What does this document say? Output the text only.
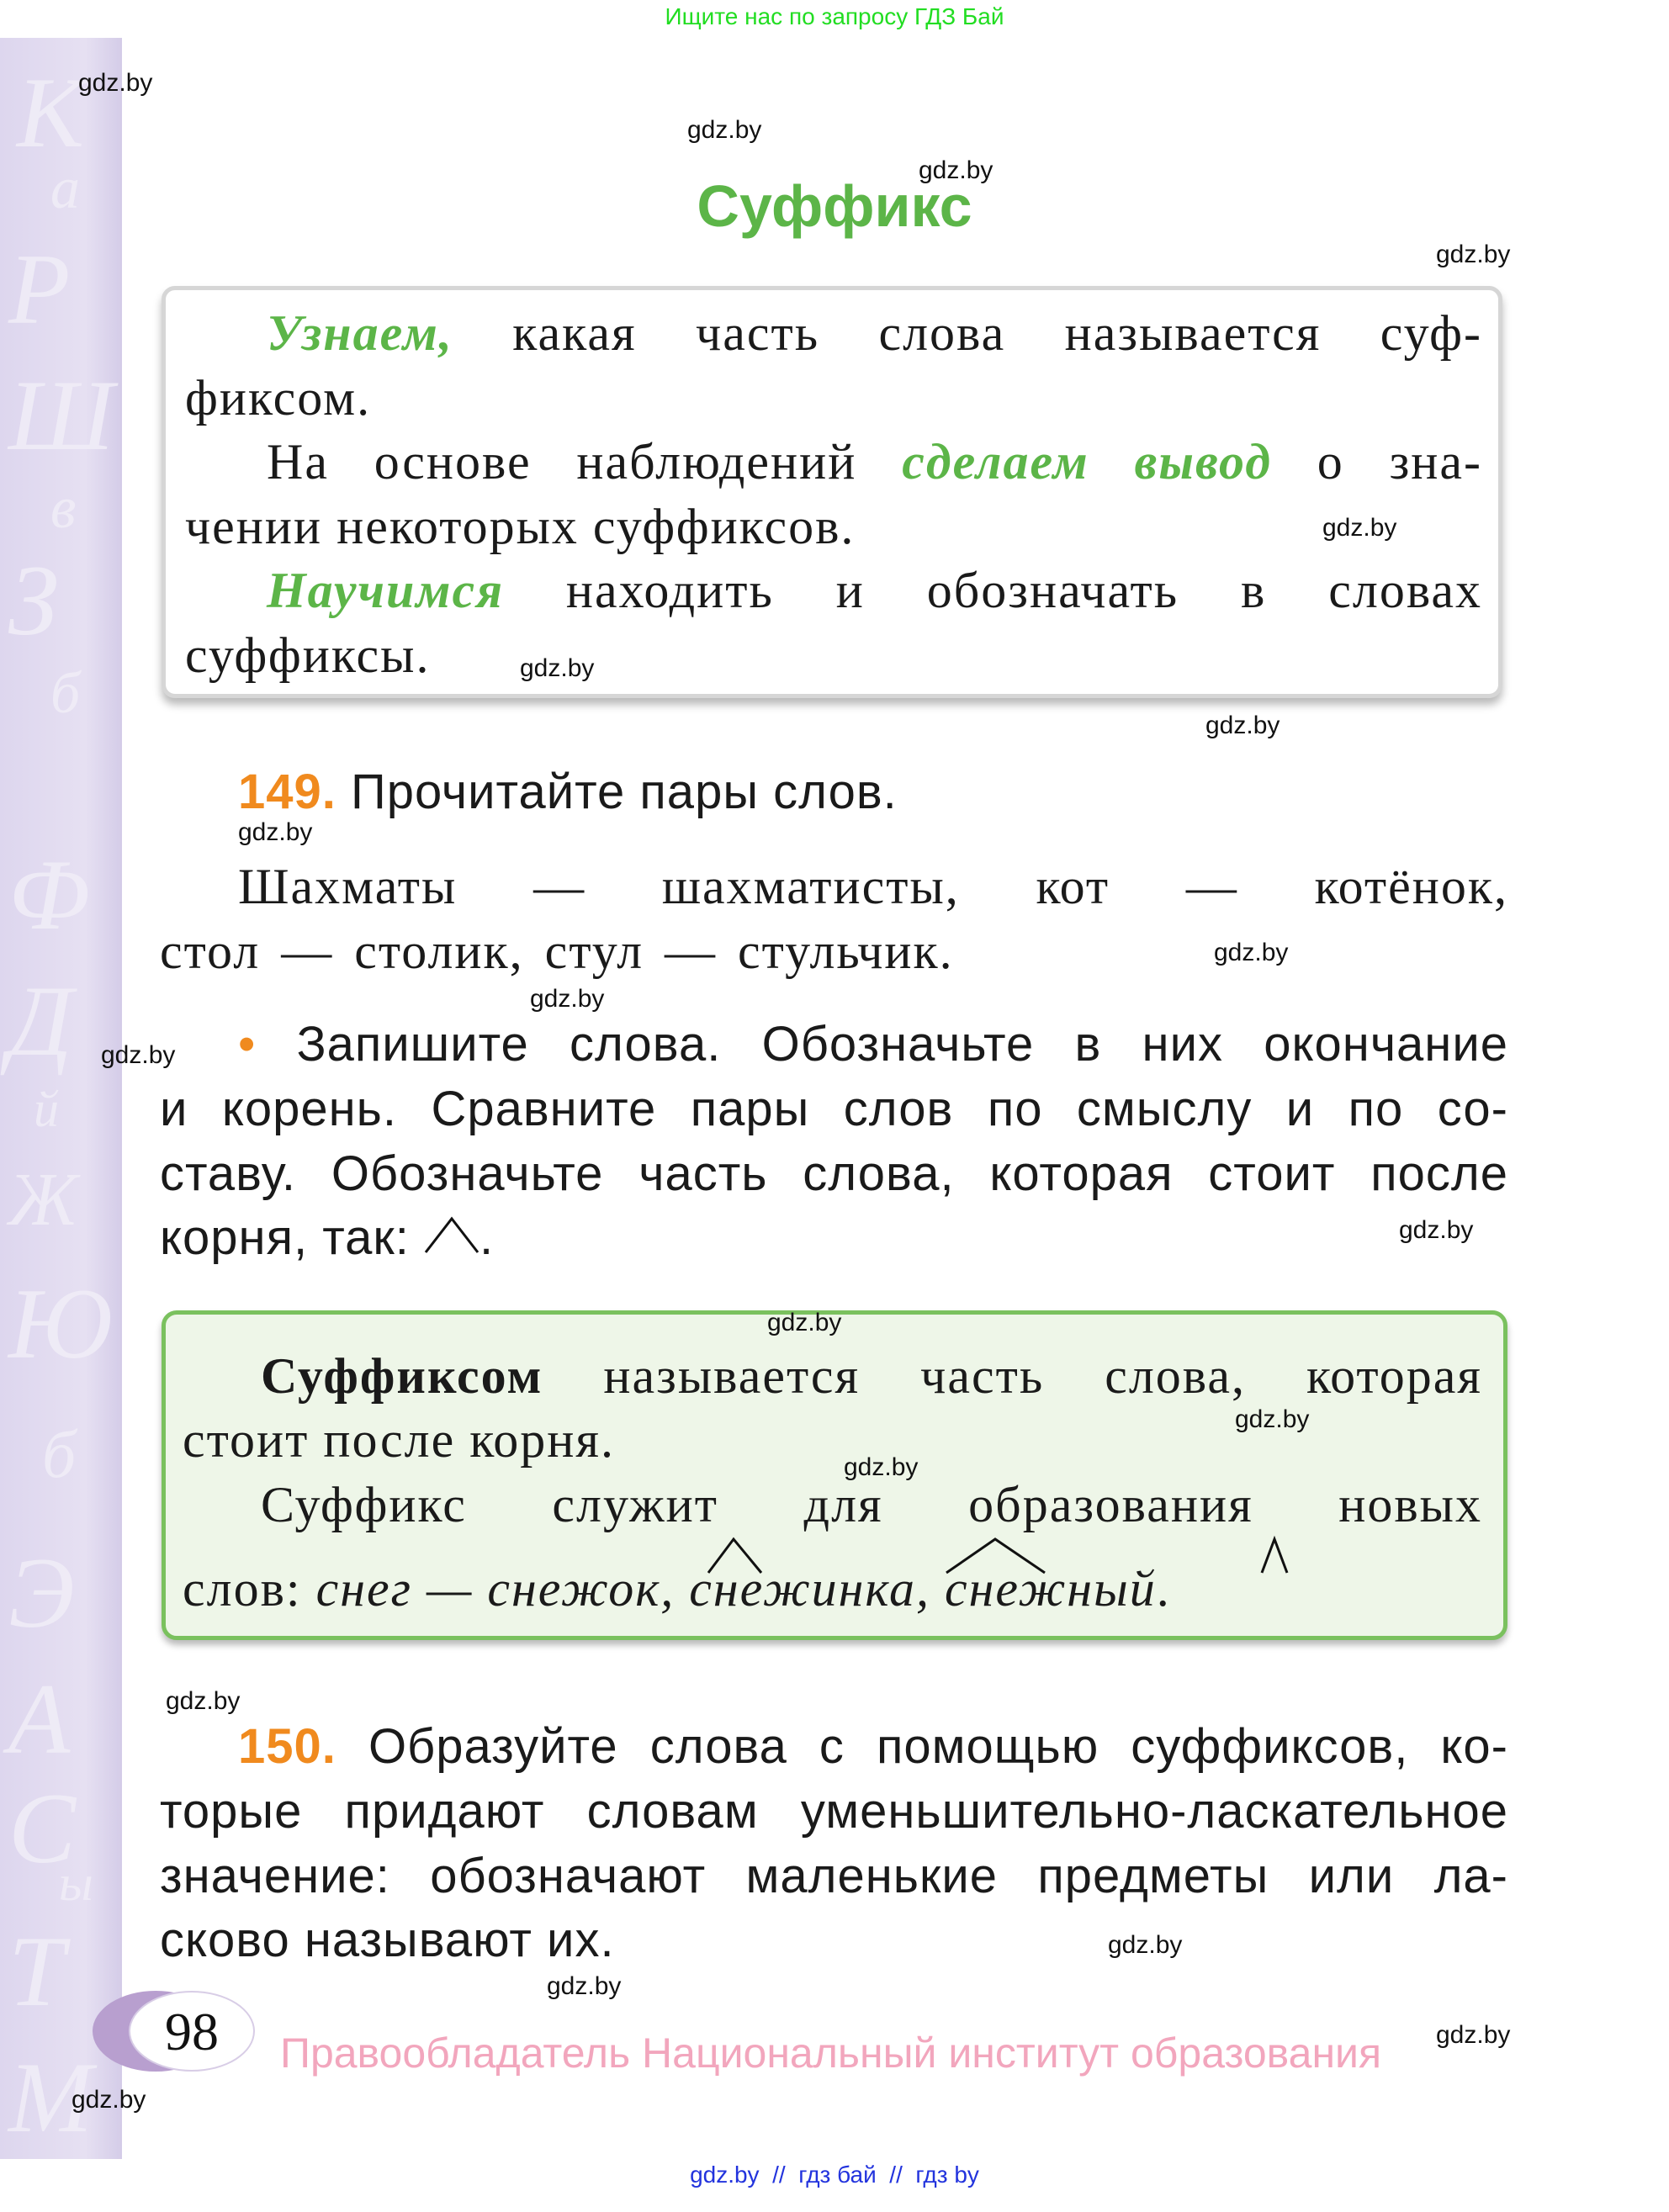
Ищите нас по запросу ГДЗ Бай
К
а
Р
Ш
в
З
б
Ф
Д
й
Ж
Ю
б
Э
А
С
ы
Т
М
Суффикс
Узнаем, какая часть слова называется суф-
фиксом.
На основе наблюдений сделаем вывод о зна-
чении некоторых суффиксов.
Научимся находить и обозначать в словах
суффиксы.
149. Прочитайте пары слов.
Шахматы — шахматисты, кот — котёнок,
стол — столик, стул — стульчик.
• Запишите слова. Обозначьте в них окончание
и корень. Сравните пары слов по смыслу и по со-
ставу. Обозначьте часть слова, которая стоит после
корня, так: .
Суффиксом называется часть слова, которая
стоит после корня.
Суффикс служит для образования новых
слов: снег — снежок, снежинка, снежный.
150. Образуйте слова с помощью суффиксов, ко-
торые придают словам уменьшительно-ласкательное
значение: обозначают маленькие предметы или ла-
сково называют их.
98	Правообладатель Национальный институт образования
gdz.by
gdz.by
gdz.by
gdz.by
gdz.by
gdz.by
gdz.by
gdz.by
gdz.by
gdz.by
gdz.by
gdz.by
gdz.by
gdz.by
gdz.by
gdz.by
gdz.by
gdz.by
gdz.by
gdz.by
gdz.by  //  гдз бай  //  гдз by
